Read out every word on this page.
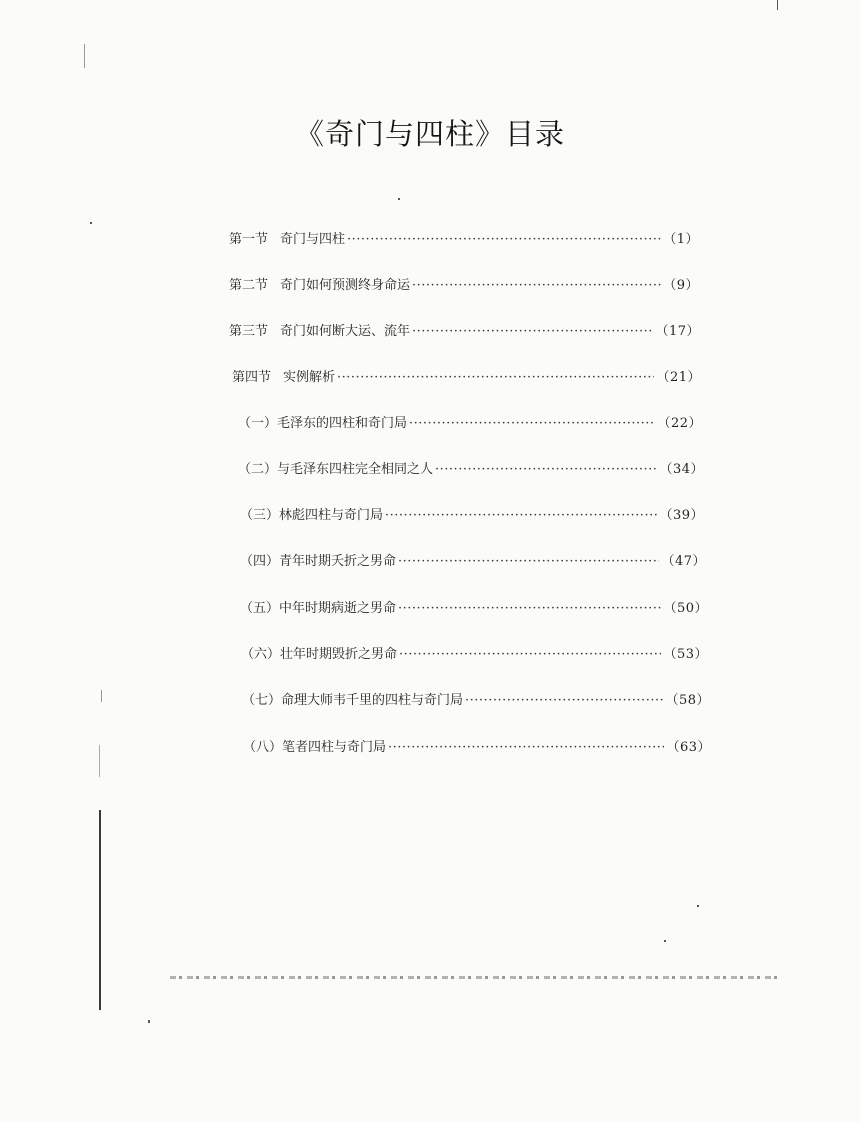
《奇门与四柱》目录
第一节 奇门与四柱 ·····	（1）
第二节 奇门如何预测终身命运 ·····	（9）
第三节 奇门如何断大运、流年 ·····	（17）
第四节 实例解析 ·····	（21）
（一） 毛泽东的四柱和奇门局 ·····	（22）
（二） 与毛泽东四柱完全相同之人 ·····	（34）
（三） 林彪四柱与奇门局 ·····	（39）
（四） 青年时期夭折之男命 ·····	（47）
（五） 中年时期病逝之男命 ·····	（50）
（六） 壮年时期毁折之男命 ·····	（53）
（七） 命理大师韦千里的四柱与奇门局 ·····	（58）
（八） 笔者四柱与奇门局 ·····	（63）
